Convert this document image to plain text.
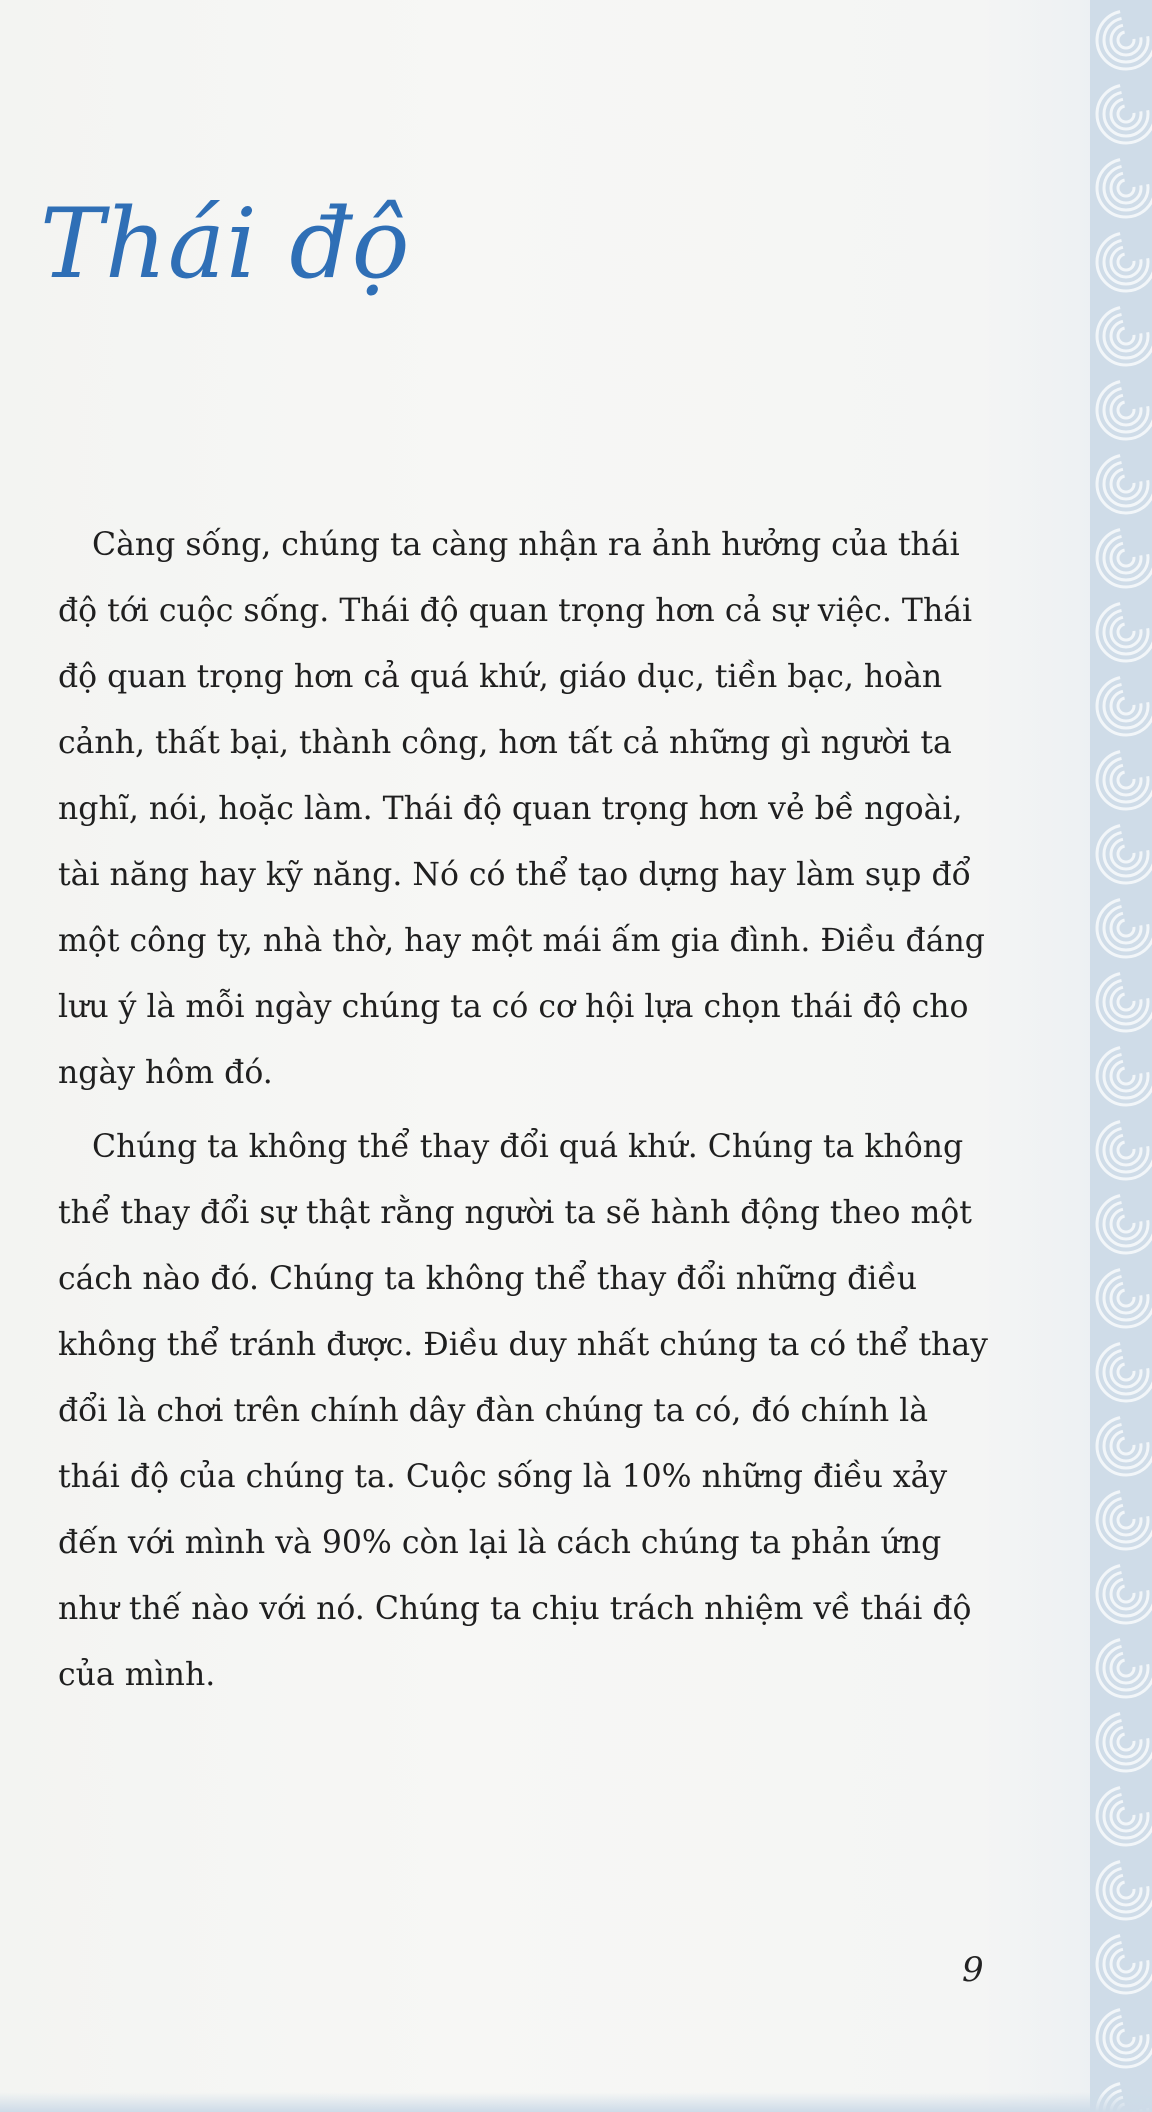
Thái độ

Càng sống, chúng ta càng nhận ra ảnh hưởng của thái độ tới cuộc sống. Thái độ quan trọng hơn cả sự việc. Thái độ quan trọng hơn cả quá khứ, giáo dục, tiền bạc, hoàn cảnh, thất bại, thành công, hơn tất cả những gì người ta nghĩ, nói, hoặc làm. Thái độ quan trọng hơn vẻ bề ngoài, tài năng hay kỹ năng. Nó có thể tạo dựng hay làm sụp đổ một công ty, nhà thờ, hay một mái ấm gia đình. Điều đáng lưu ý là mỗi ngày chúng ta có cơ hội lựa chọn thái độ cho ngày hôm đó.

Chúng ta không thể thay đổi quá khứ. Chúng ta không thể thay đổi sự thật rằng người ta sẽ hành động theo một cách nào đó. Chúng ta không thể thay đổi những điều không thể tránh được. Điều duy nhất chúng ta có thể thay đổi là chơi trên chính dây đàn chúng ta có, đó chính là thái độ của chúng ta. Cuộc sống là 10% những điều xảy đến với mình và 90% còn lại là cách chúng ta phản ứng như thế nào với nó. Chúng ta chịu trách nhiệm về thái độ của mình.

9
